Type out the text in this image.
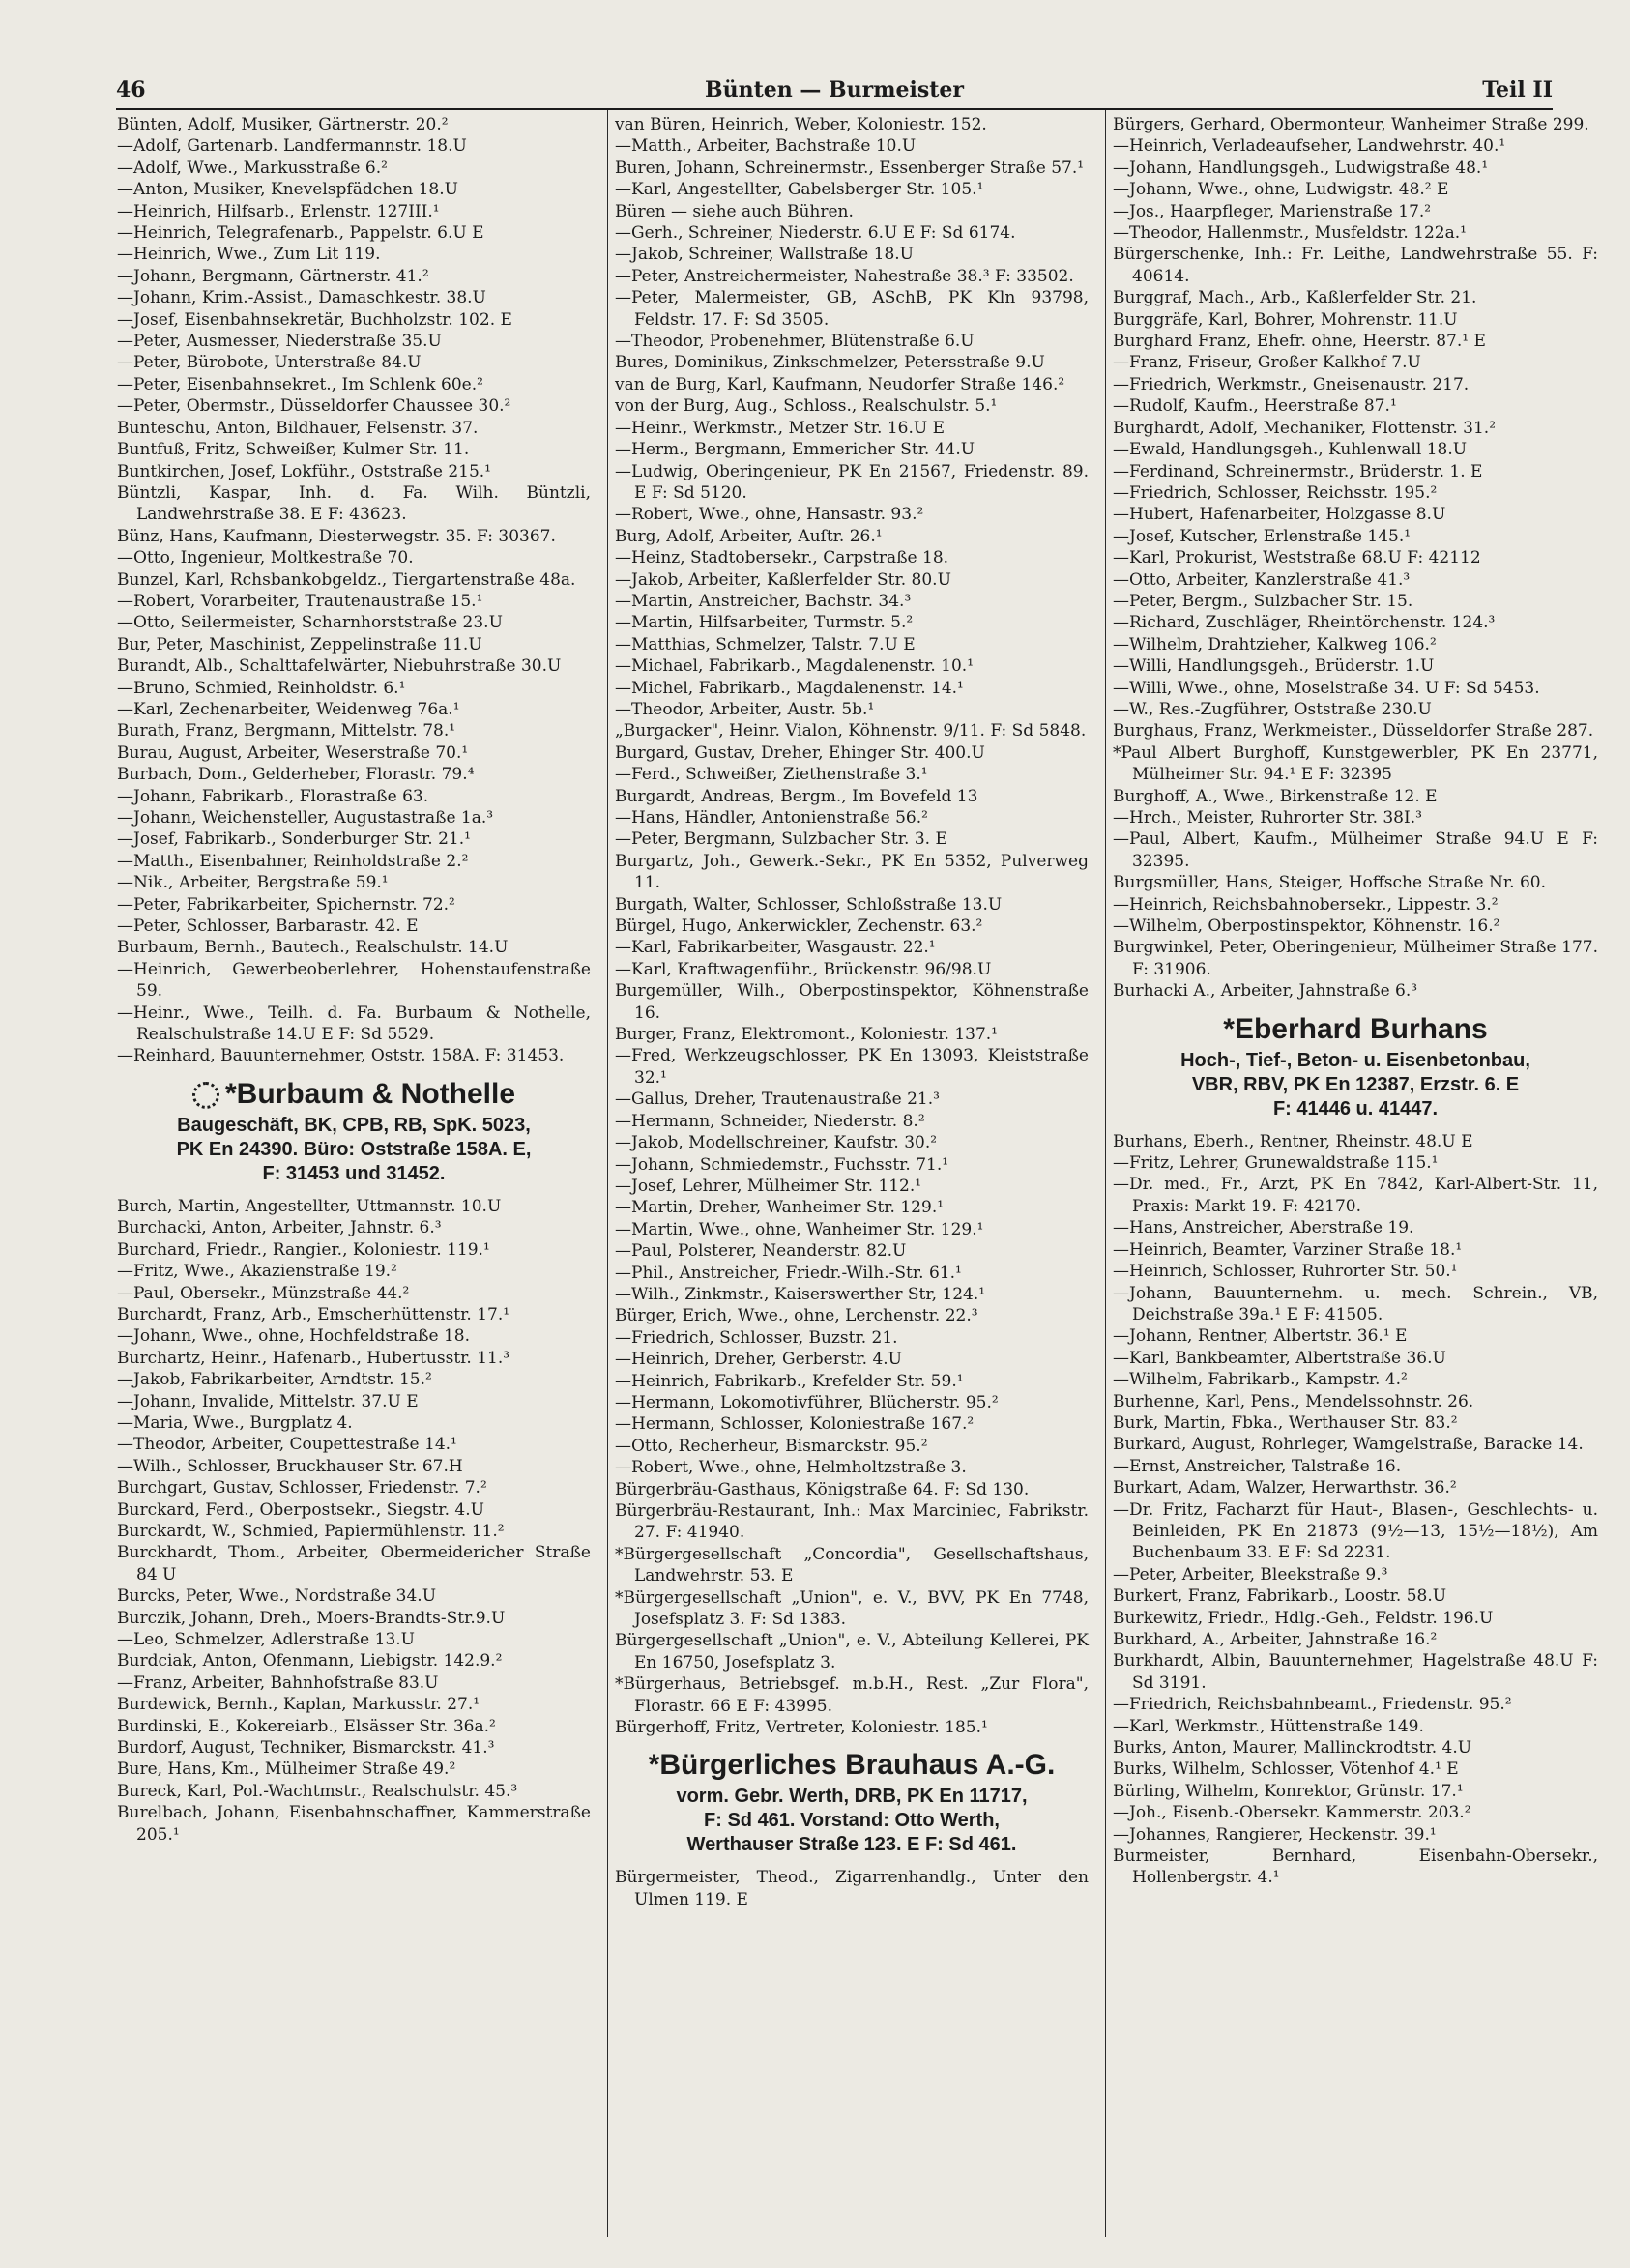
46	Bünten — Burmeister	Teil II

Bünten, Adolf, Musiker, Gärtnerstr. 20.²

—Adolf, Gartenarb. Landfermannstr. 18.U

—Adolf, Wwe., Markusstraße 6.²

—Anton, Musiker, Knevelspfädchen 18.U

—Heinrich, Hilfsarb., Erlenstr. 127III.¹

—Heinrich, Telegrafenarb., Pappelstr. 6.U E

—Heinrich, Wwe., Zum Lit 119.

—Johann, Bergmann, Gärtnerstr. 41.²

—Johann, Krim.-Assist., Damaschkestr. 38.U

—Josef, Eisenbahnsekretär, Buchholzstr. 102. E

—Peter, Ausmesser, Niederstraße 35.U

—Peter, Bürobote, Unterstraße 84.U

—Peter, Eisenbahnsekret., Im Schlenk 60e.²

—Peter, Obermstr., Düsseldorfer Chaussee 30.²

Bunteschu, Anton, Bildhauer, Felsenstr. 37.

Buntfuß, Fritz, Schweißer, Kulmer Str. 11.

Buntkirchen, Josef, Lokführ., Oststraße 215.¹

Büntzli, Kaspar, Inh. d. Fa. Wilh. Büntzli, Landwehrstraße 38. E F: 43623.

Bünz, Hans, Kaufmann, Diesterwegstr. 35. F: 30367.

—Otto, Ingenieur, Moltkestraße 70.

Bunzel, Karl, Rchsbankobgeldz., Tiergartenstraße 48a.

—Robert, Vorarbeiter, Trautenaustraße 15.¹

—Otto, Seilermeister, Scharnhorststraße 23.U

Bur, Peter, Maschinist, Zeppelinstraße 11.U

Burandt, Alb., Schalttafelwärter, Niebuhrstraße 30.U

—Bruno, Schmied, Reinholdstr. 6.¹

—Karl, Zechenarbeiter, Weidenweg 76a.¹

Burath, Franz, Bergmann, Mittelstr. 78.¹

Burau, August, Arbeiter, Weserstraße 70.¹

Burbach, Dom., Gelderheber, Florastr. 79.⁴

—Johann, Fabrikarb., Florastraße 63.

—Johann, Weichensteller, Augustastraße 1a.³

—Josef, Fabrikarb., Sonderburger Str. 21.¹

—Matth., Eisenbahner, Reinholdstraße 2.²

—Nik., Arbeiter, Bergstraße 59.¹

—Peter, Fabrikarbeiter, Spichernstr. 72.²

—Peter, Schlosser, Barbarastr. 42. E

Burbaum, Bernh., Bautech., Realschulstr. 14.U

—Heinrich, Gewerbeoberlehrer, Hohenstaufenstraße 59.

—Heinr., Wwe., Teilh. d. Fa. Burbaum & Nothelle, Realschulstraße 14.U E F: Sd 5529.

—Reinhard, Bauunternehmer, Oststr. 158A. F: 31453.

*Burbaum & Nothelle
Baugeschäft, BK, CPB, RB, SpK. 5023,
PK En 24390. Büro: Oststraße 158A. E,
F: 31453 und 31452.

Burch, Martin, Angestellter, Uttmannstr. 10.U

Burchacki, Anton, Arbeiter, Jahnstr. 6.³

Burchard, Friedr., Rangier., Koloniestr. 119.¹

—Fritz, Wwe., Akazienstraße 19.²

—Paul, Obersekr., Münzstraße 44.²

Burchardt, Franz, Arb., Emscherhüttenstr. 17.¹

—Johann, Wwe., ohne, Hochfeldstraße 18.

Burchartz, Heinr., Hafenarb., Hubertusstr. 11.³

—Jakob, Fabrikarbeiter, Arndtstr. 15.²

—Johann, Invalide, Mittelstr. 37.U E

—Maria, Wwe., Burgplatz 4.

—Theodor, Arbeiter, Coupettestraße 14.¹

—Wilh., Schlosser, Bruckhauser Str. 67.H

Burchgart, Gustav, Schlosser, Friedenstr. 7.²

Burckard, Ferd., Oberpostsekr., Siegstr. 4.U

Burckardt, W., Schmied, Papiermühlenstr. 11.²

Burckhardt, Thom., Arbeiter, Obermeidericher Straße 84 U

Burcks, Peter, Wwe., Nordstraße 34.U

Burczik, Johann, Dreh., Moers-Brandts-Str.9.U

—Leo, Schmelzer, Adlerstraße 13.U

Burdciak, Anton, Ofenmann, Liebigstr. 142.9.²

—Franz, Arbeiter, Bahnhofstraße 83.U

Burdewick, Bernh., Kaplan, Markusstr. 27.¹

Burdinski, E., Kokereiarb., Elsässer Str. 36a.²

Burdorf, August, Techniker, Bismarckstr. 41.³

Bure, Hans, Km., Mülheimer Straße 49.²

Bureck, Karl, Pol.-Wachtmstr., Realschulstr. 45.³

Burelbach, Johann, Eisenbahnschaffner, Kammerstraße 205.¹

van Büren, Heinrich, Weber, Koloniestr. 152.

—Matth., Arbeiter, Bachstraße 10.U

Buren, Johann, Schreinermstr., Essenberger Straße 57.¹

—Karl, Angestellter, Gabelsberger Str. 105.¹

Büren — siehe auch Bühren.

—Gerh., Schreiner, Niederstr. 6.U E F: Sd 6174.

—Jakob, Schreiner, Wallstraße 18.U

—Peter, Anstreichermeister, Nahestraße 38.³ F: 33502.

—Peter, Malermeister, GB, ASchB, PK Kln 93798, Feldstr. 17. F: Sd 3505.

—Theodor, Probenehmer, Blütenstraße 6.U

Bures, Dominikus, Zinkschmelzer, Petersstraße 9.U

van de Burg, Karl, Kaufmann, Neudorfer Straße 146.²

von der Burg, Aug., Schloss., Realschulstr. 5.¹

—Heinr., Werkmstr., Metzer Str. 16.U E

—Herm., Bergmann, Emmericher Str. 44.U

—Ludwig, Oberingenieur, PK En 21567, Friedenstr. 89. E F: Sd 5120.

—Robert, Wwe., ohne, Hansastr. 93.²

Burg, Adolf, Arbeiter, Auſtr. 26.¹

—Heinz, Stadtobersekr., Carpstraße 18.

—Jakob, Arbeiter, Kaßlerfelder Str. 80.U

—Martin, Anstreicher, Bachstr. 34.³

—Martin, Hilfsarbeiter, Turmstr. 5.²

—Matthias, Schmelzer, Talstr. 7.U E

—Michael, Fabrikarb., Magdalenenstr. 10.¹

—Michel, Fabrikarb., Magdalenenstr. 14.¹

—Theodor, Arbeiter, Austr. 5b.¹

„Burgacker", Heinr. Vialon, Köhnenstr. 9/11. F: Sd 5848.

Burgard, Gustav, Dreher, Ehinger Str. 400.U

—Ferd., Schweißer, Ziethenstraße 3.¹

Burgardt, Andreas, Bergm., Im Bovefeld 13

—Hans, Händler, Antonienstraße 56.²

—Peter, Bergmann, Sulzbacher Str. 3. E

Burgartz, Joh., Gewerk.-Sekr., PK En 5352, Pulverweg 11.

Burgath, Walter, Schlosser, Schloßstraße 13.U

Bürgel, Hugo, Ankerwickler, Zechenstr. 63.²

—Karl, Fabrikarbeiter, Wasgaustr. 22.¹

—Karl, Kraftwagenführ., Brückenstr. 96/98.U

Burgemüller, Wilh., Oberpostinspektor, Köhnenstraße 16.

Burger, Franz, Elektromont., Koloniestr. 137.¹

—Fred, Werkzeugschlosser, PK En 13093, Kleiststraße 32.¹

—Gallus, Dreher, Trautenaustraße 21.³

—Hermann, Schneider, Niederstr. 8.²

—Jakob, Modellschreiner, Kaufstr. 30.²

—Johann, Schmiedemstr., Fuchsstr. 71.¹

—Josef, Lehrer, Mülheimer Str. 112.¹

—Martin, Dreher, Wanheimer Str. 129.¹

—Martin, Wwe., ohne, Wanheimer Str. 129.¹

—Paul, Polsterer, Neanderstr. 82.U

—Phil., Anstreicher, Friedr.-Wilh.-Str. 61.¹

—Wilh., Zinkmstr., Kaiserswerther Str, 124.¹

Bürger, Erich, Wwe., ohne, Lerchenstr. 22.³

—Friedrich, Schlosser, Buzstr. 21.

—Heinrich, Dreher, Gerberstr. 4.U

—Heinrich, Fabrikarb., Krefelder Str. 59.¹

—Hermann, Lokomotivführer, Blücherstr. 95.²

—Hermann, Schlosser, Koloniestraße 167.²

—Otto, Recherheur, Bismarckstr. 95.²

—Robert, Wwe., ohne, Helmholtzstraße 3.

Bürgerbräu-Gasthaus, Königstraße 64. F: Sd 130.

Bürgerbräu-Restaurant, Inh.: Max Marciniec, Fabrikstr. 27. F: 41940.

*Bürgergesellschaft „Concordia", Gesellschaftshaus, Landwehrstr. 53. E

*Bürgergesellschaft „Union", e. V., BVV, PK En 7748, Josefsplatz 3. F: Sd 1383.

Bürgergesellschaft „Union", e. V., Abteilung Kellerei, PK En 16750, Josefsplatz 3.

*Bürgerhaus, Betriebsgef. m.b.H., Rest. „Zur Flora", Florastr. 66 E F: 43995.

Bürgerhoff, Fritz, Vertreter, Koloniestr. 185.¹

*Bürgerliches Brauhaus A.-G.
vorm. Gebr. Werth, DRB, PK En 11717,
F: Sd 461. Vorstand: Otto Werth,
Werthauser Straße 123. E F: Sd 461.

Bürgermeister, Theod., Zigarrenhandlg., Unter den Ulmen 119. E

Bürgers, Gerhard, Obermonteur, Wanheimer Straße 299.

—Heinrich, Verladeaufseher, Landwehrstr. 40.¹

—Johann, Handlungsgeh., Ludwigstraße 48.¹

—Johann, Wwe., ohne, Ludwigstr. 48.² E

—Jos., Haarpfleger, Marienstraße 17.²

—Theodor, Hallenmstr., Musfeldstr. 122a.¹

Bürgerschenke, Inh.: Fr. Leithe, Landwehrstraße 55. F: 40614.

Burggraf, Mach., Arb., Kaßlerfelder Str. 21.

Burggräfe, Karl, Bohrer, Mohrenstr. 11.U

Burghard Franz, Ehefr. ohne, Heerstr. 87.¹ E

—Franz, Friseur, Großer Kalkhof 7.U

—Friedrich, Werkmstr., Gneisenaustr. 217.

—Rudolf, Kaufm., Heerstraße 87.¹

Burghardt, Adolf, Mechaniker, Flottenstr. 31.²

—Ewald, Handlungsgeh., Kuhlenwall 18.U

—Ferdinand, Schreinermstr., Brüderstr. 1. E

—Friedrich, Schlosser, Reichsstr. 195.²

—Hubert, Hafenarbeiter, Holzgasse 8.U

—Josef, Kutscher, Erlenstraße 145.¹

—Karl, Prokurist, Weststraße 68.U F: 42112

—Otto, Arbeiter, Kanzlerstraße 41.³

—Peter, Bergm., Sulzbacher Str. 15.

—Richard, Zuschläger, Rheintörchenstr. 124.³

—Wilhelm, Drahtzieher, Kalkweg 106.²

—Willi, Handlungsgeh., Brüderstr. 1.U

—Willi, Wwe., ohne, Moselstraße 34. U F: Sd 5453.

—W., Res.-Zugführer, Oststraße 230.U

Burghaus, Franz, Werkmeister., Düsseldorfer Straße 287.

*Paul Albert Burghoff, Kunstgewerbler, PK En 23771, Mülheimer Str. 94.¹ E F: 32395

Burghoff, A., Wwe., Birkenstraße 12. E

—Hrch., Meister, Ruhrorter Str. 38I.³

—Paul, Albert, Kaufm., Mülheimer Straße 94.U E F: 32395.

Burgsmüller, Hans, Steiger, Hoffsche Straße Nr. 60.

—Heinrich, Reichsbahnobersekr., Lippestr. 3.²

—Wilhelm, Oberpostinspektor, Köhnenstr. 16.²

Burgwinkel, Peter, Oberingenieur, Mülheimer Straße 177. F: 31906.

Burhacki A., Arbeiter, Jahnstraße 6.³

*Eberhard Burhans
Hoch-, Tief-, Beton- u. Eisenbetonbau,
VBR, RBV, PK En 12387, Erzstr. 6. E
F: 41446 u. 41447.

Burhans, Eberh., Rentner, Rheinstr. 48.U E

—Fritz, Lehrer, Grunewaldstraße 115.¹

—Dr. med., Fr., Arzt, PK En 7842, Karl-Albert-Str. 11, Praxis: Markt 19. F: 42170.

—Hans, Anstreicher, Aberstraße 19.

—Heinrich, Beamter, Varziner Straße 18.¹

—Heinrich, Schlosser, Ruhrorter Str. 50.¹

—Johann, Bauunternehm. u. mech. Schrein., VB, Deichstraße 39a.¹ E F: 41505.

—Johann, Rentner, Albertstr. 36.¹ E

—Karl, Bankbeamter, Albertstraße 36.U

—Wilhelm, Fabrikarb., Kampstr. 4.²

Burhenne, Karl, Pens., Mendelssohnstr. 26.

Burk, Martin, Fbka., Werthauser Str. 83.²

Burkard, August, Rohrleger, Wamgelstraße, Baracke 14.

—Ernst, Anstreicher, Talstraße 16.

Burkart, Adam, Walzer, Herwarthstr. 36.²

—Dr. Fritz, Facharzt für Haut-, Blasen-, Geschlechts- u. Beinleiden, PK En 21873 (9½—13, 15½—18½), Am Buchenbaum 33. E F: Sd 2231.

—Peter, Arbeiter, Bleekstraße 9.³

Burkert, Franz, Fabrikarb., Loostr. 58.U

Burkewitz, Friedr., Hdlg.-Geh., Feldstr. 196.U

Burkhard, A., Arbeiter, Jahnstraße 16.²

Burkhardt, Albin, Bauunternehmer, Hagelstraße 48.U F: Sd 3191.

—Friedrich, Reichsbahnbeamt., Friedenstr. 95.²

—Karl, Werkmstr., Hüttenstraße 149.

Burks, Anton, Maurer, Mallinckrodtstr. 4.U

Burks, Wilhelm, Schlosser, Vötenhof 4.¹ E

Bürling, Wilhelm, Konrektor, Grünstr. 17.¹

—Joh., Eisenb.-Obersekr. Kammerstr. 203.²

—Johannes, Rangierer, Heckenstr. 39.¹

Burmeister, Bernhard, Eisenbahn-Obersekr., Hollenbergstr. 4.¹
